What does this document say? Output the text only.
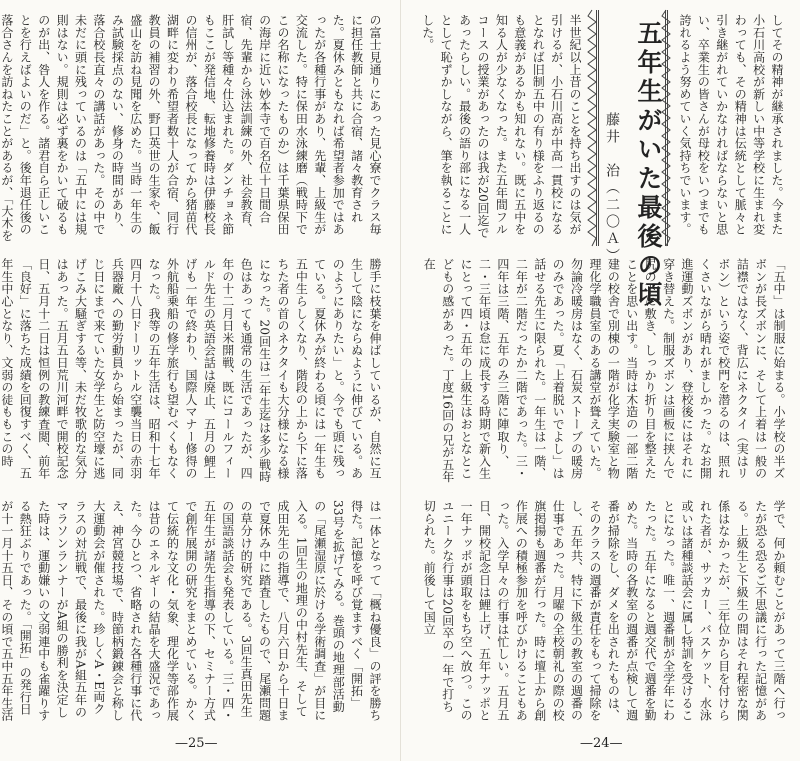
の富士見通りにあった見心寮でクラス毎に担任教師と共に合宿、諸々教育された。夏休みともなれば希望者参加ではあったが各種行事があり、先輩、上級生が交流した。特に保田水泳練磨（戦時下でこの名称になったものか）は千葉県保田の海岸に近い妙本寺で百名位十日間合宿、先輩から泳法訓練の外、社会教育、肝試し等種々仕込まれた。ダンチョネ節もここが発信地、転地修養時は伊藤校長の信州が、落合校長になってから猪苗代湖畔に変わり希望者数十人が合宿、同行教員の補習の外、野口英世の生家や、飯盛山を訪ね見聞を広めた。当時一年生のみ試験採点のない、修身の時間があり、落合校長直々の講話があった。その中で未だに頭に残っているのは「五中には規則はない。規則は必ず裏をかいて破るものが出、咎人を作る。諸君自ら正しいことを行えばよいのだ」と。後年退任後の落合さんを訪ねたことがあるが、「大木を
勝手に枝葉を伸ばしているが、自然に互生して陰にならぬように伸びている。あのようにありたい」と。今でも頭に残っている。夏休みが終わる頃には一年生も五中生らしくなり、階段の上から下に落ちた者の首のネクタイも大分様になる様になった。20回生は二年生迄は多少戦時色はあっても通常の生活であったが、四年の十二月日米開戦、既にコールフィールド先生の英語会話は廃止、五月の鯉上げも一年で終わり、国際人マナー修得の外航船乗船の修学旅行も望むべくもなくなった。我等の五年生活は、昭和十七年四月十八日ドーリットル空襲当日の赤羽兵器廠への勤労動員から始まったが、同じ日にまで来ていた女学生と防空壕に逃げこみ大騒ぎする等、未だ牧歌的な気分はあった。五月五日荒川河畔で開校記念日、五月十二日は恒例の教練査閲、前年「良好」に落ちた成績を回復すべく、五年生中心となり、文弱の徒ももこの時
は一体となって「概ね優良」の評を勝ち得た。記憶を呼び覚ますべく「開拓」33号を拡げてみる。巻頭の地理部活動の「尾瀬湿原に於ける学術調査」が目に入る。1回生の地理の中村先生、そして成田先生の指導で、八月六日から十日まで夏休み中に踏査したもので、尾瀬問題の草分け的研究である。3回生真田先生の国語談話会も発表している。三・四・五年生が諸先生指導の下、セミナー方式で創作展開の研究をまとめている。かくて伝統的な文化・気象、理化学等部作展は昔のエネルギーの結晶を大盛況であった。今ひとつ、省略された各種行事に代え、神宮競技場で、時節柄鍛錬会と称し大運動会が催された。珍しくA・E両クラスの対抗戦で、最後に我がA組五年のマラソンランナーがA組の勝利を決定した時は、運動嫌いの文弱連中も雀躍りする熱狂ぶりであった。「開拓」の発行日が十一月十五日、その頃で五中五年生活
—25—
してその精神が継承されました。今また小石川高校が新しい中等学校に生まれ変わっても、その精神は伝統として脈々と引き継がれていかなければならないと思い、卒業生の皆さんが母校をいつまでも誇れるよう努めていく気持ちでいます。
五年生がいた最後の頃
藤井　治（二〇Ａ）
半世紀以上昔のことを持ち出すのは気が引けるが、小石川高が中高一貫校になるとなれば旧制五中の有り様をふり返るのも意義があるかも知れない。既に五中を知る人が少なくなった。また五年間フルコースの授業があったのは我が20回迄であったらしい。最後の語り部になる一人として恥ずかしながら、筆を執ることにした。
「五中」は制服に始まる。小学校の半ズボンが長ズボンに、そして上着は一般の詰襟ではなく、背広にネクタイ（実はリボン）という姿で校門を潜るのは、照れくさいながら晴れがましかった。なお開進運動ズボンがあり、登校後にはそれに穿き替えた。制服ズボンは画板に挟んで尻の下に敷き、しっかり折り目を整えたことを思い出す。当時は木造の一部二階建の校舎で別棟の一階が化学実験室と物理化学職員室のある講堂が聳えていた。勿論冷暖房はなく、石炭ストーブの暖房のみであった。夏「上着脱いでよし」は話せる先生に限られた。一年生は一階、二年が二階だったか二階であった。三・四年は三階、五年のみ三階に陣取り、二・三年頃は怠に成長する時期で新入生にとって四・五年の上級生はおとなとこどもの感があった。丁度16回の兄が五年在
学で、何か頼むことがあって三階へ行ったが恐る恐るご不思議に行った記憶がある。上級生と下級生の間はそれ程密な関係はなかったが、三年位から目を付けられた者が、サッカー、バスケット、水泳或いは諸種談話会に属し特訓を受けることになった。唯一、週番制が全学年にわたった。五年になると週交代で週番を勤めた。当時の各教室の週番が点検して週番が掃除をし、ダメを出されたものは、そのクラスの週番が責任をもって掃除をし、五年共、特に下級生の教室の週番の仕事であった。月曜の全校朝礼の際の校旗掲揚も週番が行った。時に壇上から創作展への積極参加を呼びかけることもあった。入学早々の行事は忙しい。五月五日、開校記念日は鯉上げ、五年ナッポと一年ナッポが頭取をもち空へ放つ。このユニークな行事は20回卒の一年で打ち切られた。前後して国立
—24—
